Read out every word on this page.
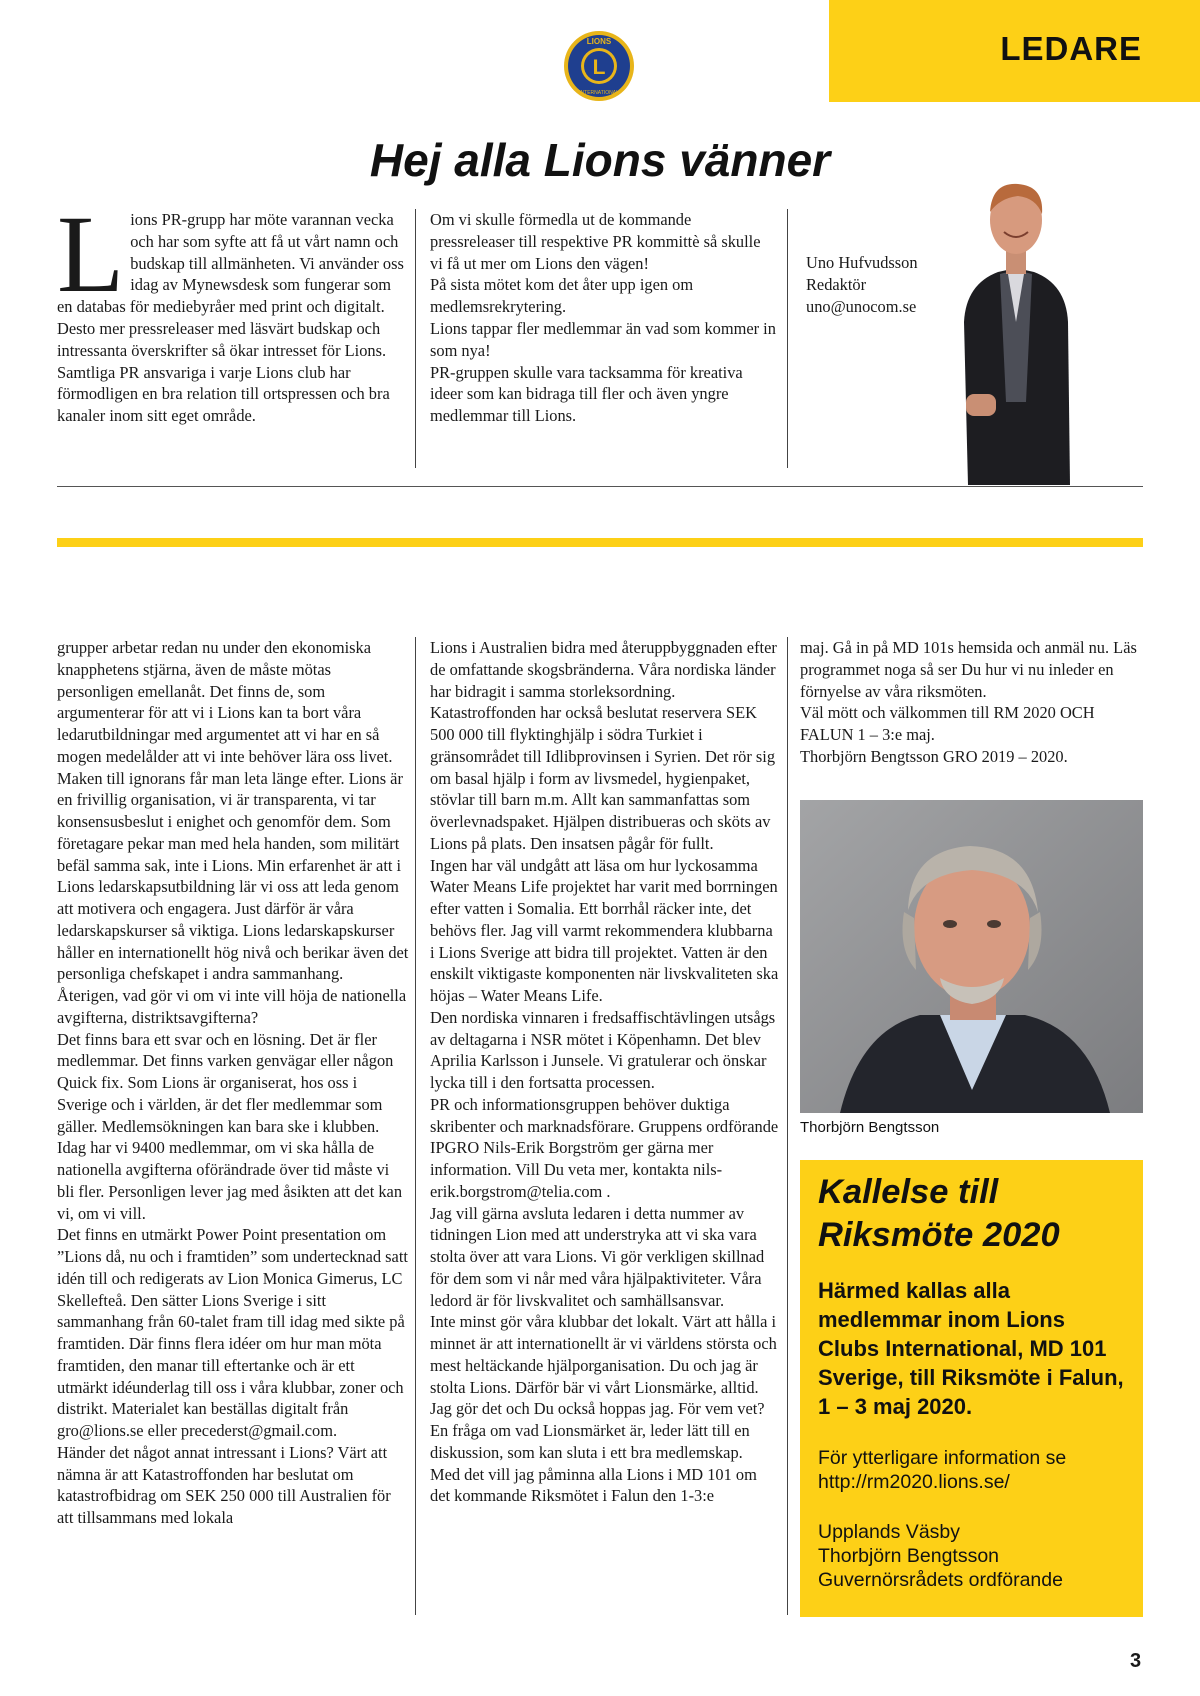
LEDARE
L
LIONS
INTERNATIONAL
Hej alla Lions vänner
L ions PR-grupp har möte varannan vecka och har som syfte att få ut vårt namn och budskap till allmänheten. Vi använder oss idag av Mynewsdesk som fungerar som en databas för mediebyråer med print och digitalt. Desto mer pressreleaser med läsvärt budskap och intressanta överskrifter så ökar intresset för Lions. Samtliga PR ansvariga i varje Lions club har förmodligen en bra relation till ortspressen och bra kanaler inom sitt eget område.

Om vi skulle förmedla ut de kommande pressreleaser till respektive PR kommittè så skulle vi få ut mer om Lions den vägen!

På sista mötet kom det åter upp igen om medlemsrekrytering.

Lions tappar fler medlemmar än vad som kommer in som nya!

PR-gruppen skulle vara tacksamma för kreativa ideer som kan bidraga till fler och även yngre medlemmar till Lions.

Uno Hufvudsson
Redaktör
uno@unocom.se

grupper arbetar redan nu under den ekonomiska knapphetens stjärna, även de måste mötas personligen emellanåt. Det finns de, som argumenterar för att vi i Lions kan ta bort våra ledarutbildningar med argumentet att vi har en så mogen medelålder att vi inte behöver lära oss livet. Maken till ignorans får man leta länge efter. Lions är en frivillig organisation, vi är transparenta, vi tar konsensusbeslut i enighet och genomför dem. Som företagare pekar man med hela handen, som militärt befäl samma sak, inte i Lions. Min erfarenhet är att i Lions ledarskapsutbildning lär vi oss att leda genom att motivera och engagera. Just därför är våra ledarskapskurser så viktiga. Lions ledarskapskurser håller en internationellt hög nivå och berikar även det personliga chefskapet i andra sammanhang.

Återigen, vad gör vi om vi inte vill höja de nationella avgifterna, distriktsavgifterna?

Det finns bara ett svar och en lösning. Det är fler medlemmar. Det finns varken genvägar eller någon Quick fix. Som Lions är organiserat, hos oss i Sverige och i världen, är det fler medlemmar som gäller. Medlemsökningen kan bara ske i klubben. Idag har vi 9400 medlemmar, om vi ska hålla de nationella avgifterna oförändrade över tid måste vi bli fler. Personligen lever jag med åsikten att det kan vi, om vi vill.

Det finns en utmärkt Power Point presentation om ”Lions då, nu och i framtiden” som undertecknad satt idén till och redigerats av Lion Monica Gimerus, LC Skellefteå. Den sätter Lions Sverige i sitt sammanhang från 60-talet fram till idag med sikte på framtiden. Där finns flera idéer om hur man möta framtiden, den manar till eftertanke och är ett utmärkt idéunderlag till oss i våra klubbar, zoner och distrikt. Materialet kan beställas digitalt från gro@lions.se eller precederst@gmail.com.

Händer det något annat intressant i Lions? Värt att nämna är att Katastroffonden har beslutat om katastrofbidrag om SEK 250 000 till Australien för att tillsammans med lokala

Lions i Australien bidra med återuppbyggnaden efter de omfattande skogsbränderna. Våra nordiska länder har bidragit i samma storleksordning. Katastroffonden har också beslutat reservera SEK 500 000 till flyktinghjälp i södra Turkiet i gränsområdet till Idlibprovinsen i Syrien. Det rör sig om basal hjälp i form av livsmedel, hygienpaket, stövlar till barn m.m. Allt kan sammanfattas som överlevnadspaket. Hjälpen distribueras och sköts av Lions på plats. Den insatsen pågår för fullt.

Ingen har väl undgått att läsa om hur lyckosamma Water Means Life projektet har varit med borrningen efter vatten i Somalia. Ett borrhål räcker inte, det behövs fler. Jag vill varmt rekommendera klubbarna i Lions Sverige att bidra till projektet. Vatten är den enskilt viktigaste komponenten när livskvaliteten ska höjas – Water Means Life.

Den nordiska vinnaren i fredsaffischtävlingen utsågs av deltagarna i NSR mötet i Köpenhamn. Det blev Aprilia Karlsson i Junsele. Vi gratulerar och önskar lycka till i den fortsatta processen.

PR och informationsgruppen behöver duktiga skribenter och marknadsförare. Gruppens ordförande IPGRO Nils-Erik Borgström ger gärna mer information. Vill Du veta mer, kontakta nils-erik.borgstrom@telia.com .

Jag vill gärna avsluta ledaren i detta nummer av tidningen Lion med att understryka att vi ska vara stolta över att vara Lions. Vi gör verkligen skillnad för dem som vi når med våra hjälpaktiviteter. Våra ledord är för livskvalitet och samhällsansvar.

Inte minst gör våra klubbar det lokalt. Värt att hålla i minnet är att internationellt är vi världens största och mest heltäckande hjälporganisation. Du och jag är stolta Lions. Därför bär vi vårt Lionsmärke, alltid. Jag gör det och Du också hoppas jag. För vem vet? En fråga om vad Lionsmärket är, leder lätt till en diskussion, som kan sluta i ett bra medlemskap.

Med det vill jag påminna alla Lions i MD 101 om det kommande Riksmötet i Falun den 1-3:e

maj. Gå in på MD 101s hemsida och anmäl nu. Läs programmet noga så ser Du hur vi nu inleder en förnyelse av våra riksmöten.

Väl mött och välkommen till RM 2020 OCH FALUN 1 – 3:e maj.

Thorbjörn Bengtsson GRO 2019 – 2020.

Thorbjörn Bengtsson
Kallelse till
Riksmöte 2020
Härmed kallas alla medlemmar inom Lions Clubs International, MD 101 Sverige, till Riksmöte i Falun, 1 – 3 maj 2020.
För ytterligare information se
http://rm2020.lions.se/
Upplands Väsby
Thorbjörn Bengtsson
Guvernörsrådets ordförande
3
